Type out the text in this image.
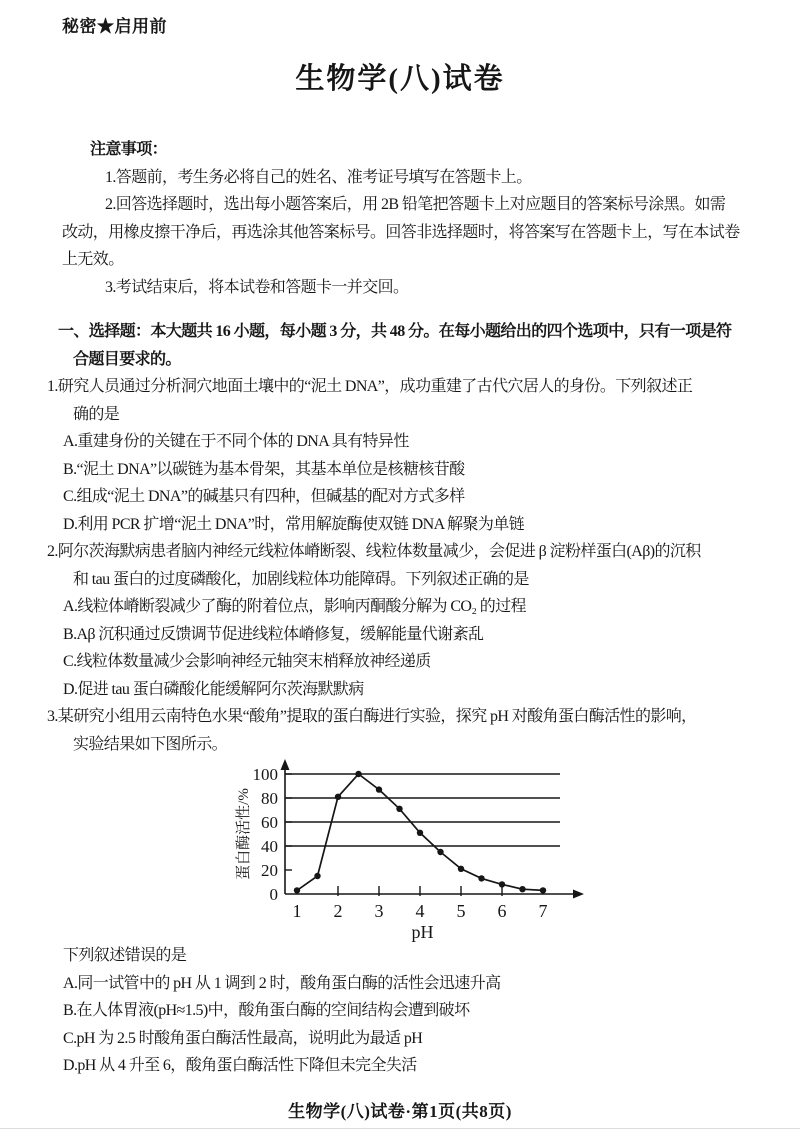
秘密★启用前
生物学(八)试卷
注意事项：
1.答题前，考生务必将自己的姓名、准考证号填写在答题卡上。
2.回答选择题时，选出每小题答案后，用 2B 铅笔把答题卡上对应题目的答案标号涂黑。如需
改动，用橡皮擦干净后，再选涂其他答案标号。回答非选择题时，将答案写在答题卡上，写在本试卷
上无效。
3.考试结束后，将本试卷和答题卡一并交回。
一、选择题：本大题共 16 小题，每小题 3 分，共 48 分。在每小题给出的四个选项中，只有一项是符
合题目要求的。
1.研究人员通过分析洞穴地面土壤中的“泥土 DNA”，成功重建了古代穴居人的身份。下列叙述正
确的是
A.重建身份的关键在于不同个体的 DNA 具有特异性
B.“泥土 DNA”以碳链为基本骨架，其基本单位是核糖核苷酸
C.组成“泥土 DNA”的碱基只有四种，但碱基的配对方式多样
D.利用 PCR 扩增“泥土 DNA”时，常用解旋酶使双链 DNA 解聚为单链
2.阿尔茨海默病患者脑内神经元线粒体嵴断裂、线粒体数量减少，会促进 β 淀粉样蛋白(Aβ)的沉积
和 tau 蛋白的过度磷酸化，加剧线粒体功能障碍。下列叙述正确的是
A.线粒体嵴断裂减少了酶的附着位点，影响丙酮酸分解为 CO₂ 的过程
B.Aβ 沉积通过反馈调节促进线粒体嵴修复，缓解能量代谢紊乱
C.线粒体数量减少会影响神经元轴突末梢释放神经递质
D.促进 tau 蛋白磷酸化能缓解阿尔茨海默默病
3.某研究小组用云南特色水果“酸角”提取的蛋白酶进行实验，探究 pH 对酸角蛋白酶活性的影响，
实验结果如下图所示。
0
20
40
60
80
100
1 2 3 4 5 6 7
pH
蛋白酶活性/%
下列叙述错误的是
A.同一试管中的 pH 从 1 调到 2 时，酸角蛋白酶的活性会迅速升高
B.在人体胃液(pH≈1.5)中，酸角蛋白酶的空间结构会遭到破坏
C.pH 为 2.5 时酸角蛋白酶活性最高，说明此为最适 pH
D.pH 从 4 升至 6，酸角蛋白酶活性下降但未完全失活
生物学(八)试卷·第1页(共8页)
